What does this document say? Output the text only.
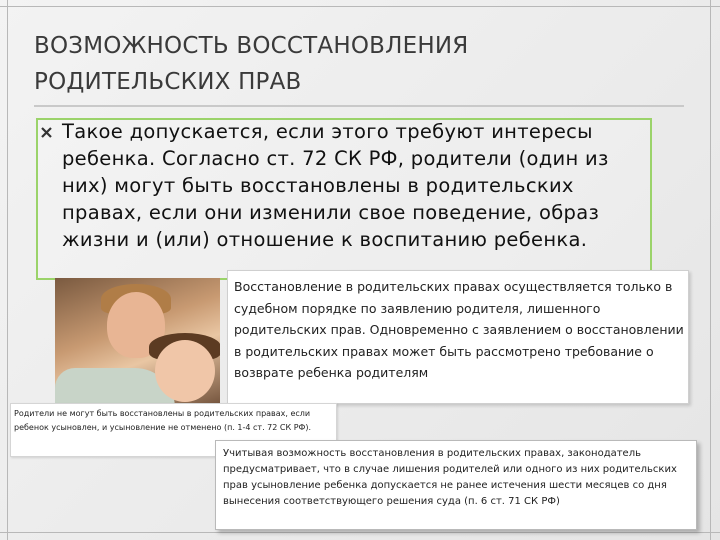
ВОЗМОЖНОСТЬ ВОССТАНОВЛЕНИЯ
РОДИТЕЛЬСКИХ ПРАВ
Такое допускается, если этого требуют интересы ребенка. Согласно ст. 72 СК РФ, родители (один из них) могут быть восстановлены в родительских правах, если они изменили свое поведение, образ жизни и (или) отношение к воспитанию ребенка.
Восстановление в родительских правах осуществляется только в судебном порядке по заявлению родителя, лишенного родительских прав. Одновременно с заявлением о восстановлении в родительских правах может быть рассмотрено требование о возврате ребенка родителям
Родители не могут быть восстановлены в родительских правах, если ребенок усыновлен, и усыновление не отменено (п. 1-4 ст. 72 СК РФ).
Учитывая возможность восстановления в родительских правах, законодатель предусматривает, что в случае лишения родителей или одного из них родительских прав усыновление ребенка допускается не ранее истечения шести месяцев со дня вынесения соответствующего решения суда (п. 6 ст. 71 СК РФ)
